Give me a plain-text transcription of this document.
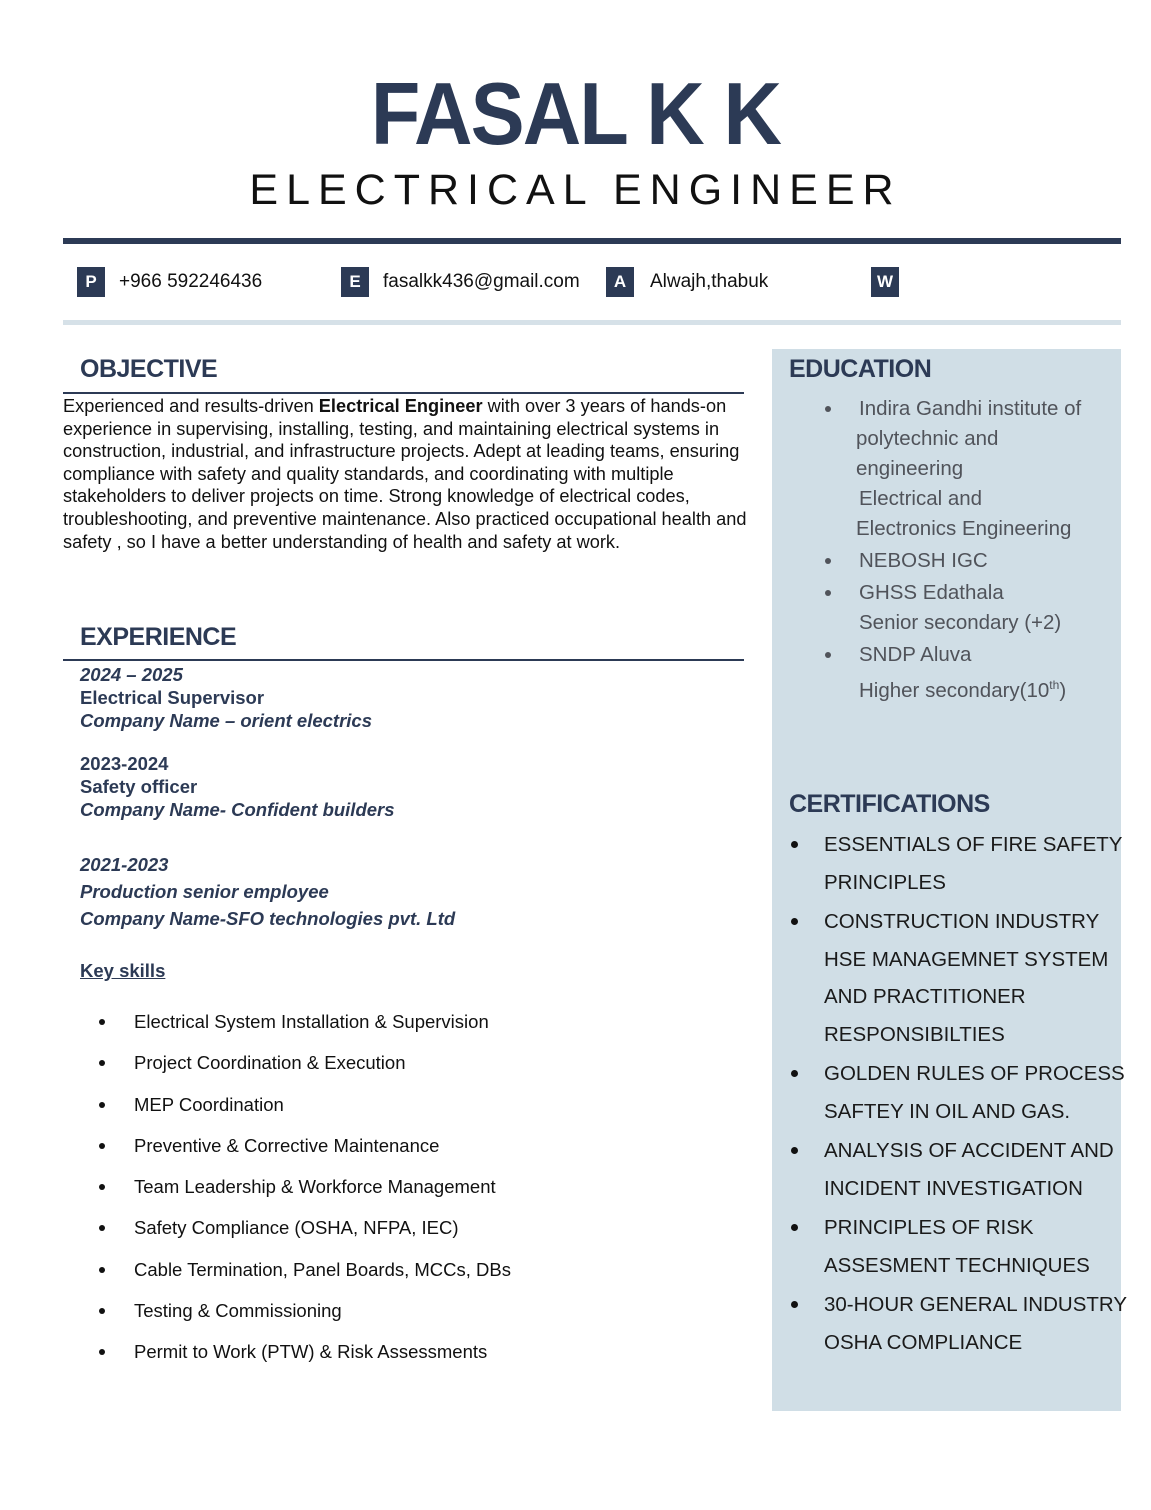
FASAL K K
ELECTRICAL ENGINEER
P	+966 592246436	E	fasalkk436@gmail.com	A	Alwajh,thabuk	W
OBJECTIVE
Experienced and results-driven Electrical Engineer with over 3 years of hands-on experience in supervising, installing, testing, and maintaining electrical systems in construction, industrial, and infrastructure projects. Adept at leading teams, ensuring compliance with safety and quality standards, and coordinating with multiple stakeholders to deliver projects on time. Strong knowledge of electrical codes, troubleshooting, and preventive maintenance. Also practiced occupational health and safety , so I have a better understanding of health and safety at work.
EXPERIENCE
2024 – 2025
Electrical Supervisor
Company Name – orient electrics
2023-2024
Safety officer
Company Name- Confident builders
2021-2023
Production senior employee
Company Name-SFO technologies pvt. Ltd
Key skills
Electrical System Installation & Supervision
Project Coordination & Execution
MEP Coordination
Preventive & Corrective Maintenance
Team Leadership & Workforce Management
Safety Compliance (OSHA, NFPA, IEC)
Cable Termination, Panel Boards, MCCs, DBs
Testing & Commissioning
Permit to Work (PTW) & Risk Assessments
EDUCATION
Indira Gandhi institute of
polytechnic and
engineering
Electrical and
Electronics Engineering
NEBOSH IGC
GHSS Edathala
Senior secondary (+2)
SNDP Aluva
Higher secondary(10th)
CERTIFICATIONS
ESSENTIALS OF FIRE SAFETY
PRINCIPLES
CONSTRUCTION INDUSTRY
HSE MANAGEMNET SYSTEM
AND PRACTITIONER
RESPONSIBILTIES
GOLDEN RULES OF PROCESS
SAFTEY IN OIL AND GAS.
ANALYSIS OF ACCIDENT AND
INCIDENT INVESTIGATION
PRINCIPLES OF RISK
ASSESMENT TECHNIQUES
30-HOUR GENERAL INDUSTRY
OSHA COMPLIANCE
